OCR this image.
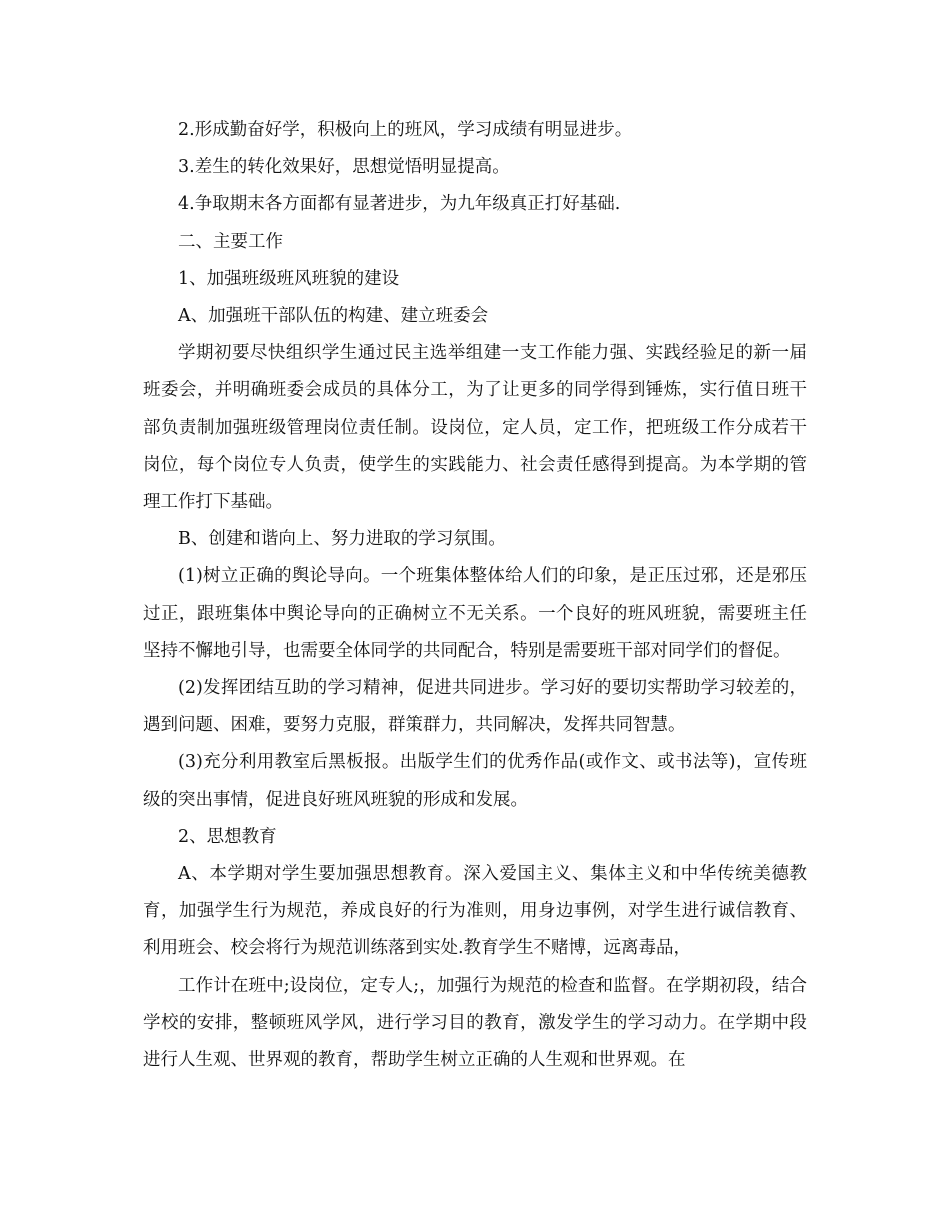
2.形成勤奋好学，积极向上的班风，学习成绩有明显进步。

3.差生的转化效果好，思想觉悟明显提高。

4.争取期末各方面都有显著进步，为九年级真正打好基础.

二、主要工作

1、加强班级班风班貌的建设

A、加强班干部队伍的构建、建立班委会

学期初要尽快组织学生通过民主选举组建一支工作能力强、实践经验足的新一届班委会，并明确班委会成员的具体分工，为了让更多的同学得到锤炼，实行值日班干部负责制加强班级管理岗位责任制。设岗位，定人员，定工作，把班级工作分成若干岗位，每个岗位专人负责，使学生的实践能力、社会责任感得到提高。为本学期的管理工作打下基础。

B、创建和谐向上、努力进取的学习氛围。

(1)树立正确的舆论导向。一个班集体整体给人们的印象，是正压过邪，还是邪压过正，跟班集体中舆论导向的正确树立不无关系。一个良好的班风班貌，需要班主任坚持不懈地引导，也需要全体同学的共同配合，特别是需要班干部对同学们的督促。

(2)发挥团结互助的学习精神，促进共同进步。学习好的要切实帮助学习较差的，遇到问题、困难，要努力克服，群策群力，共同解决，发挥共同智慧。

(3)充分利用教室后黑板报。出版学生们的优秀作品(或作文、或书法等)，宣传班级的突出事情，促进良好班风班貌的形成和发展。

2、思想教育

A、本学期对学生要加强思想教育。深入爱国主义、集体主义和中华传统美德教育，加强学生行为规范，养成良好的行为准则，用身边事例，对学生进行诚信教育、利用班会、校会将行为规范训练落到实处.教育学生不赌博，远离毒品，

工作计在班中;设岗位，定专人;，加强行为规范的检查和监督。在学期初段，结合学校的安排，整顿班风学风，进行学习目的教育，激发学生的学习动力。在学期中段进行人生观、世界观的教育，帮助学生树立正确的人生观和世界观。在
